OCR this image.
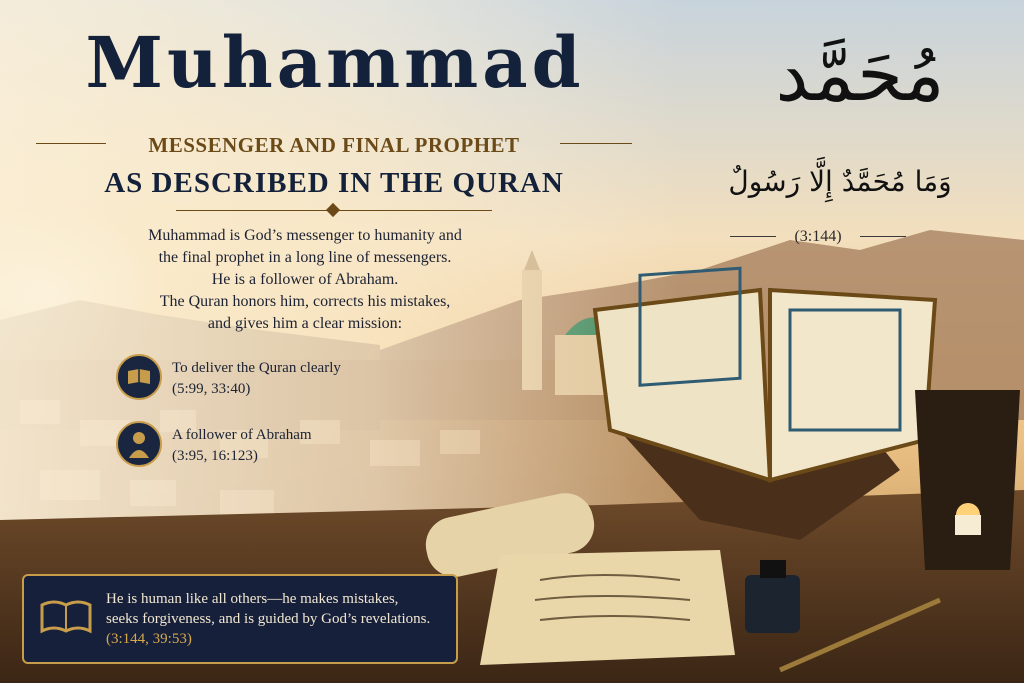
Muhammad
MESSENGER AND FINAL PROPHET
AS DESCRIBED IN THE QURAN
Muhammad is God’s messenger to humanity and
the final prophet in a long line of messengers.
He is a follower of Abraham.
The Quran honors him, corrects his mistakes,
and gives him a clear mission:
To deliver the Quran clearly
(5:99, 33:40)
A follower of Abraham
(3:95, 16:123)
مُحَمَّد
وَمَا مُحَمَّدٌ إِلَّا رَسُولٌ
(3:144)
He is human like all others—he makes mistakes,
seeks forgiveness, and is guided by God’s revelations.
(3:144, 39:53)
